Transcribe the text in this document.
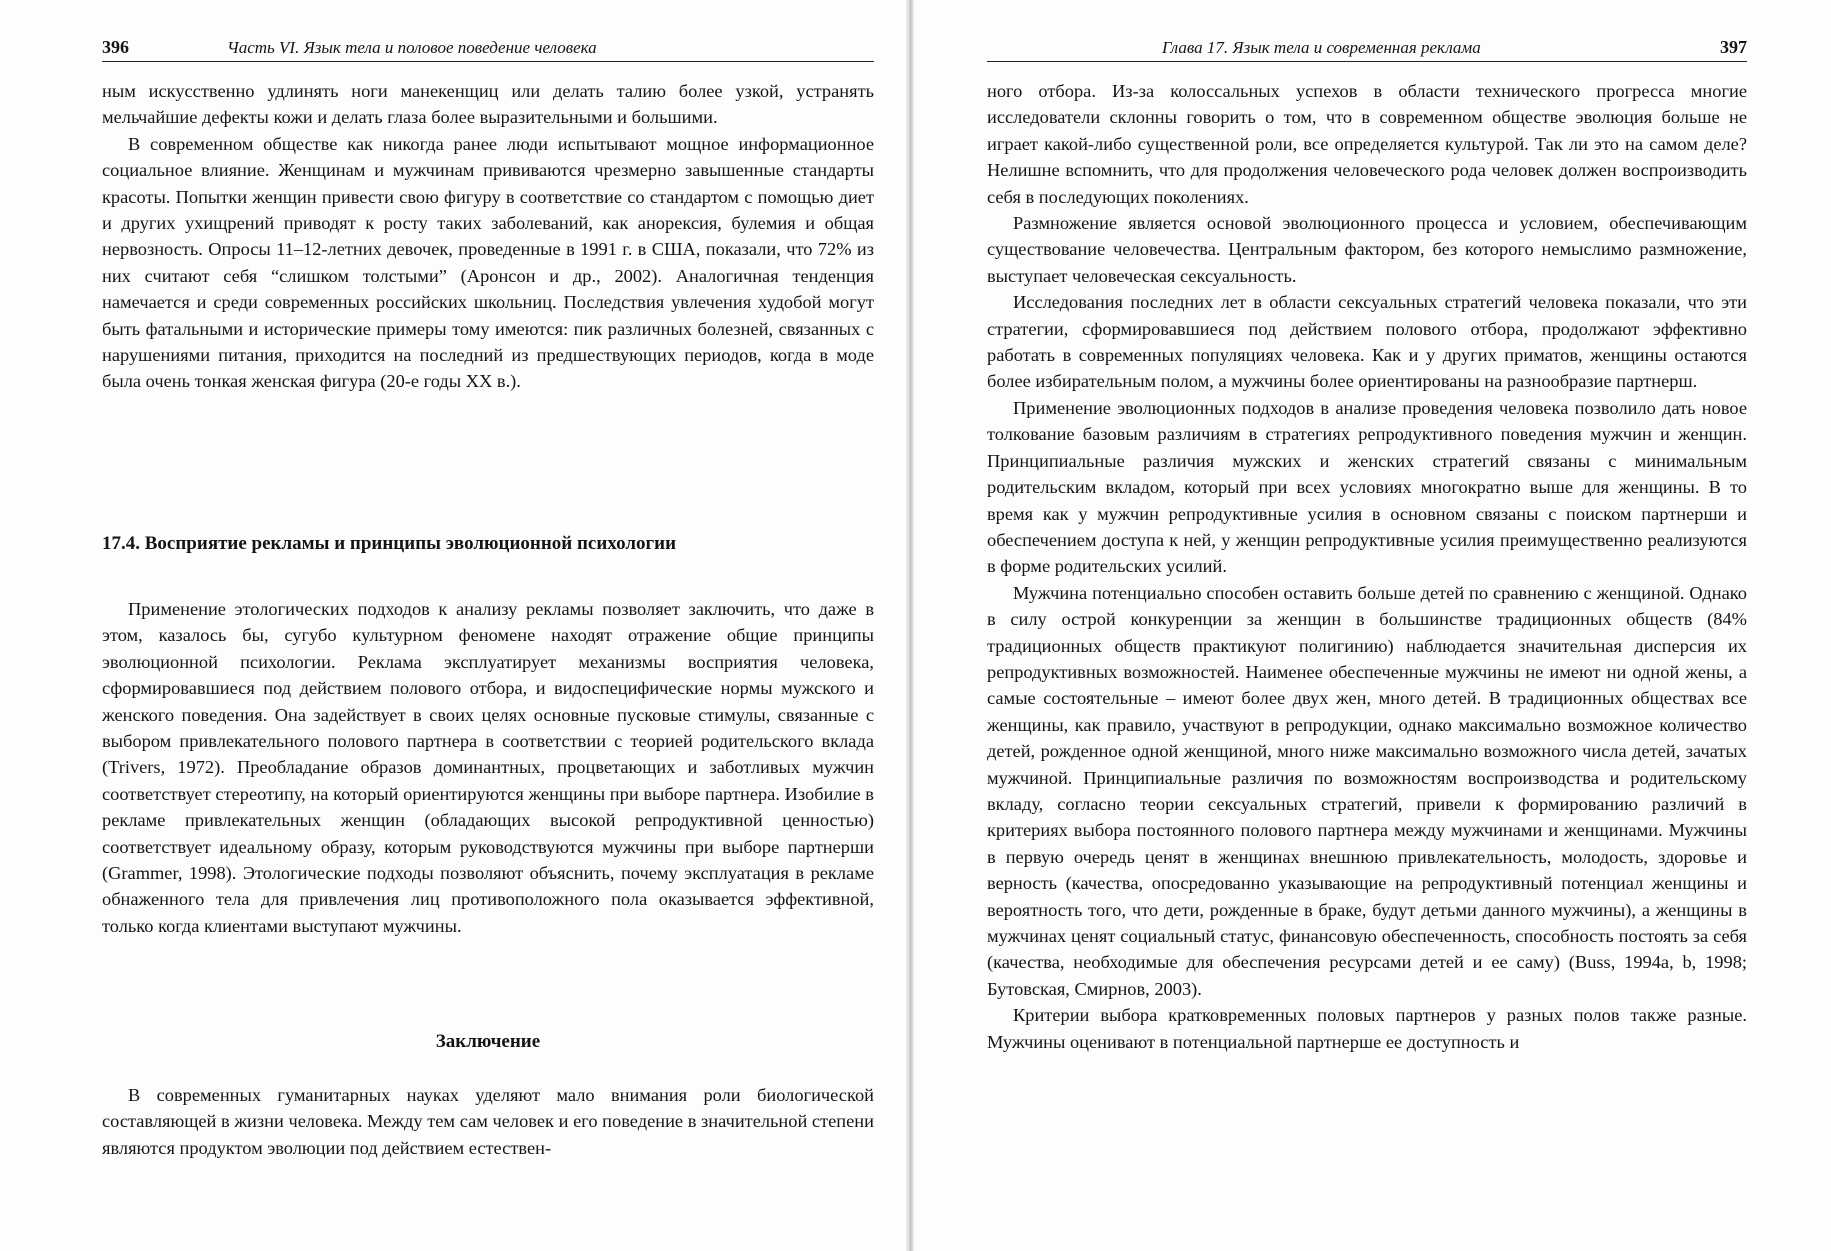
396	Часть VI. Язык тела и половое поведение человека

ным искусственно удлинять ноги манекенщиц или делать талию более узкой, устранять мельчайшие дефекты кожи и делать глаза более выразительными и большими.

В современном обществе как никогда ранее люди испытывают мощное информационное социальное влияние. Женщинам и мужчинам прививаются чрезмерно завышенные стандарты красоты. Попытки женщин привести свою фигуру в соответствие со стандартом с помощью диет и других ухищрений приводят к росту таких заболеваний, как анорексия, булемия и общая нервозность. Опросы 11–12-летних девочек, проведенные в 1991 г. в США, показали, что 72% из них считают себя “слишком толстыми” (Аронсон и др., 2002). Аналогичная тенденция намечается и среди современных российских школьниц. Последствия увлечения худобой могут быть фатальными и исторические примеры тому имеются: пик различных болезней, связанных с нарушениями питания, приходится на последний из предшествующих периодов, когда в моде была очень тонкая женская фигура (20-е годы XX в.).

17.4. Восприятие рекламы и принципы эволюционной психологии

Применение этологических подходов к анализу рекламы позволяет заключить, что даже в этом, казалось бы, сугубо культурном феномене находят отражение общие принципы эволюционной психологии. Реклама эксплуатирует механизмы восприятия человека, сформировавшиеся под действием полового отбора, и видоспецифические нормы мужского и женского поведения. Она задействует в своих целях основные пусковые стимулы, связанные с выбором привлекательного полового партнера в соответствии с теорией родительского вклада (Trivers, 1972). Преобладание образов доминантных, процветающих и заботливых мужчин соответствует стереотипу, на который ориентируются женщины при выборе партнера. Изобилие в рекламе привлекательных женщин (обладающих высокой репродуктивной ценностью) соответствует идеальному образу, которым руководствуются мужчины при выборе партнерши (Grammer, 1998). Этологические подходы позволяют объяснить, почему эксплуатация в рекламе обнаженного тела для привлечения лиц противоположного пола оказывается эффективной, только когда клиентами выступают мужчины.

Заключение

В современных гуманитарных науках уделяют мало внимания роли биологической составляющей в жизни человека. Между тем сам человек и его поведение в значительной степени являются продуктом эволюции под действием естествен-

Глава 17. Язык тела и современная реклама	397

ного отбора. Из-за колоссальных успехов в области технического прогресса многие исследователи склонны говорить о том, что в современном обществе эволюция больше не играет какой-либо существенной роли, все определяется культурой. Так ли это на самом деле? Нелишне вспомнить, что для продолжения человеческого рода человек должен воспроизводить себя в последующих поколениях.

Размножение является основой эволюционного процесса и условием, обеспечивающим существование человечества. Центральным фактором, без которого немыслимо размножение, выступает человеческая сексуальность.

Исследования последних лет в области сексуальных стратегий человека показали, что эти стратегии, сформировавшиеся под действием полового отбора, продолжают эффективно работать в современных популяциях человека. Как и у других приматов, женщины остаются более избирательным полом, а мужчины более ориентированы на разнообразие партнерш.

Применение эволюционных подходов в анализе проведения человека позволило дать новое толкование базовым различиям в стратегиях репродуктивного поведения мужчин и женщин. Принципиальные различия мужских и женских стратегий связаны с минимальным родительским вкладом, который при всех условиях многократно выше для женщины. В то время как у мужчин репродуктивные усилия в основном связаны с поиском партнерши и обеспечением доступа к ней, у женщин репродуктивные усилия преимущественно реализуются в форме родительских усилий.

Мужчина потенциально способен оставить больше детей по сравнению с женщиной. Однако в силу острой конкуренции за женщин в большинстве традиционных обществ (84% традиционных обществ практикуют полигинию) наблюдается значительная дисперсия их репродуктивных возможностей. Наименее обеспеченные мужчины не имеют ни одной жены, а самые состоятельные – имеют более двух жен, много детей. В традиционных обществах все женщины, как правило, участвуют в репродукции, однако максимально возможное количество детей, рожденное одной женщиной, много ниже максимально возможного числа детей, зачатых мужчиной. Принципиальные различия по возможностям воспроизводства и родительскому вкладу, согласно теории сексуальных стратегий, привели к формированию различий в критериях выбора постоянного полового партнера между мужчинами и женщинами. Мужчины в первую очередь ценят в женщинах внешнюю привлекательность, молодость, здоровье и верность (качества, опосредованно указывающие на репродуктивный потенциал женщины и вероятность того, что дети, рожденные в браке, будут детьми данного мужчины), а женщины в мужчинах ценят социальный статус, финансовую обеспеченность, способность постоять за себя (качества, необходимые для обеспечения ресурсами детей и ее саму) (Buss, 1994a, b, 1998; Бутовская, Смирнов, 2003).

Критерии выбора кратковременных половых партнеров у разных полов также разные. Мужчины оценивают в потенциальной партнерше ее доступность и
